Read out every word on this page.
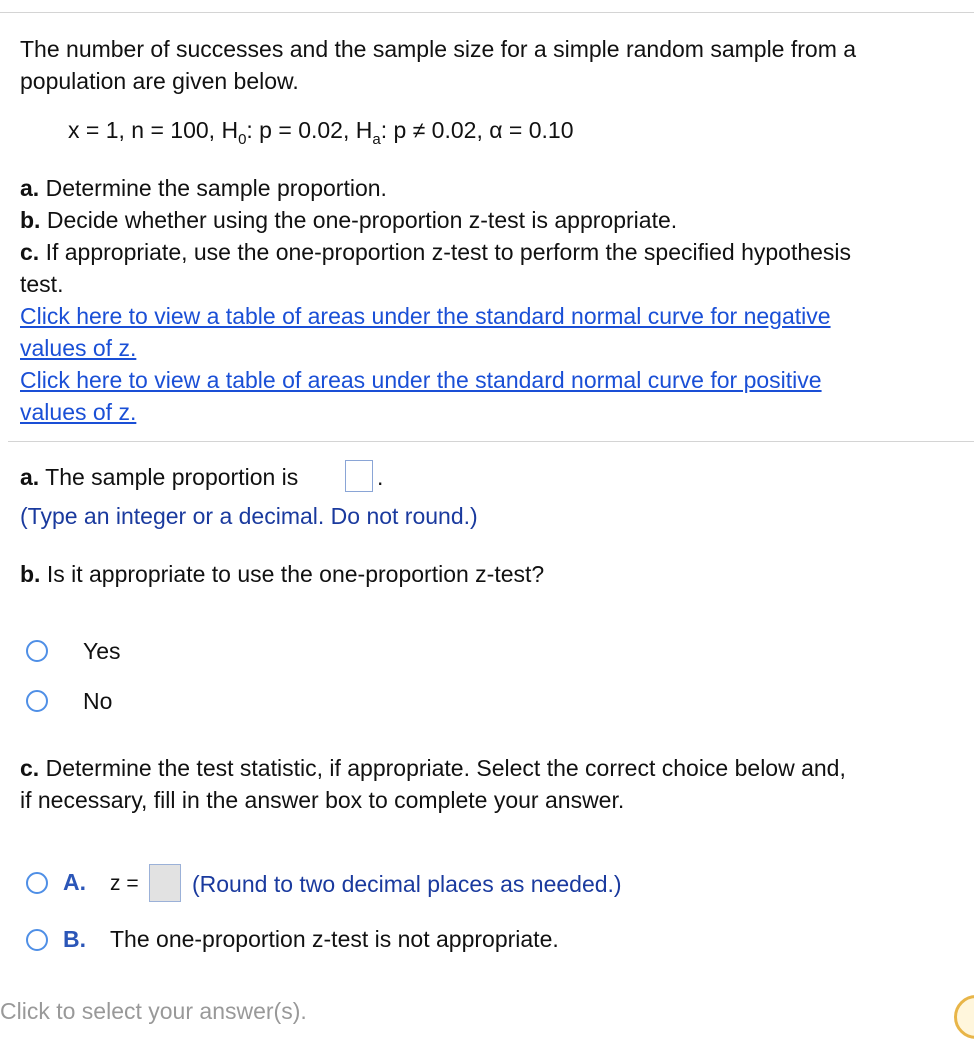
The number of successes and the sample size for a simple random sample from a
population are given below.
x = 1, n = 100, $H_0$: p = 0.02, $H_a$: p ≠ 0.02, α = 0.10
a. Determine the sample proportion.
b. Decide whether using the one-proportion z-test is appropriate.
c. If appropriate, use the one-proportion z-test to perform the specified hypothesis
test.
Click here to view a table of areas under the standard normal curve for negative
values of z.
Click here to view a table of areas under the standard normal curve for positive
values of z.
a. The sample proportion is	.
(Type an integer or a decimal. Do not round.)
b. Is it appropriate to use the one-proportion z-test?
Yes
No
c. Determine the test statistic, if appropriate. Select the correct choice below and,
if necessary, fill in the answer box to complete your answer.
A. z = (Round to two decimal places as needed.)
B. The one-proportion z-test is not appropriate.
Click to select your answer(s).
